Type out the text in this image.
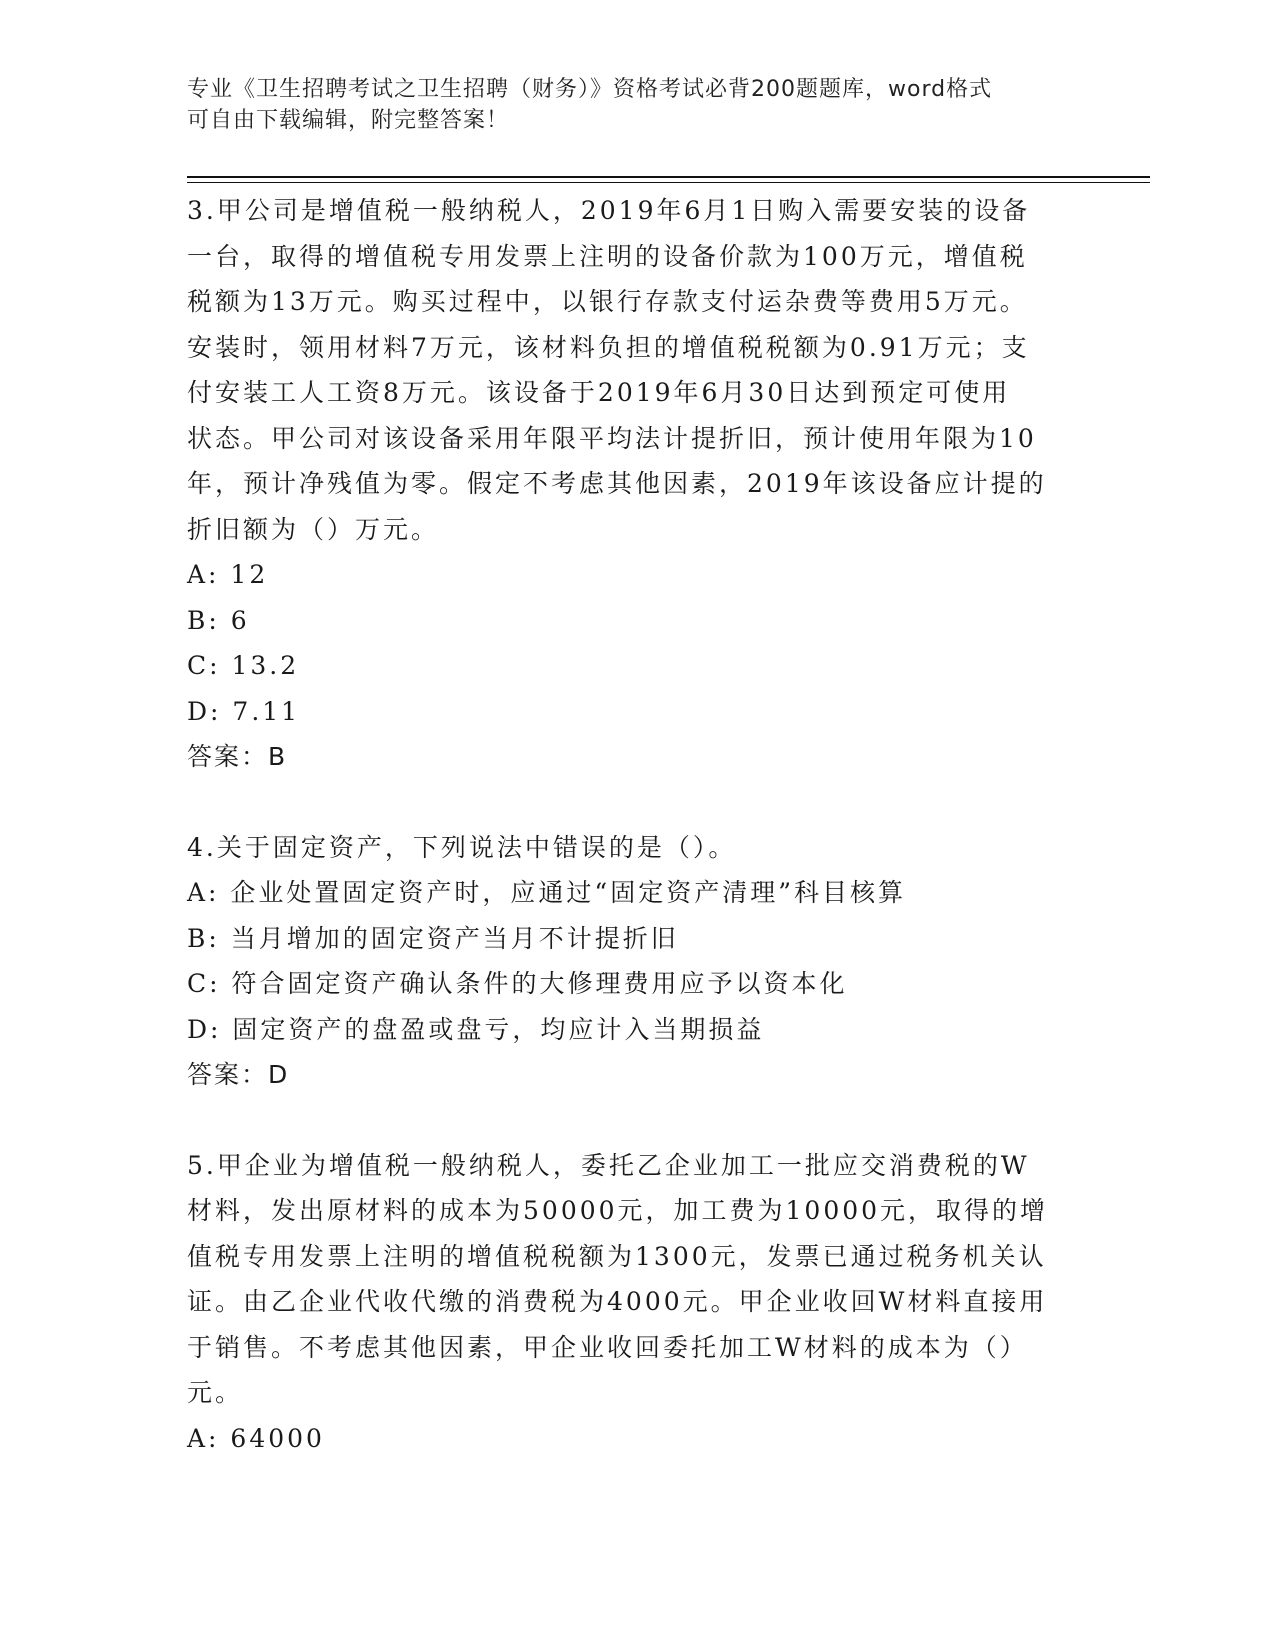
专业《卫生招聘考试之卫生招聘（财务）》资格考试必背200题题库，word格式
可自由下载编辑，附完整答案！

3.甲公司是增值税一般纳税人，2019年6月1日购入需要安装的设备

一台，取得的增值税专用发票上注明的设备价款为100万元，增值税

税额为13万元。购买过程中，以银行存款支付运杂费等费用5万元。

安装时，领用材料7万元，该材料负担的增值税税额为0.91万元；支

付安装工人工资8万元。该设备于2019年6月30日达到预定可使用

状态。甲公司对该设备采用年限平均法计提折旧，预计使用年限为10

年，预计净残值为零。假定不考虑其他因素，2019年该设备应计提的

折旧额为（）万元。

A: 12

B: 6

C: 13.2

D: 7.11

答案：B

4.关于固定资产，下列说法中错误的是（）。

A: 企业处置固定资产时，应通过“固定资产清理”科目核算

B: 当月增加的固定资产当月不计提折旧

C: 符合固定资产确认条件的大修理费用应予以资本化

D: 固定资产的盘盈或盘亏，均应计入当期损益

答案：D

5.甲企业为增值税一般纳税人，委托乙企业加工一批应交消费税的W

材料，发出原材料的成本为50000元，加工费为10000元，取得的增

值税专用发票上注明的增值税税额为1300元，发票已通过税务机关认

证。由乙企业代收代缴的消费税为4000元。甲企业收回W材料直接用

于销售。不考虑其他因素，甲企业收回委托加工W材料的成本为（）

元。

A: 64000
